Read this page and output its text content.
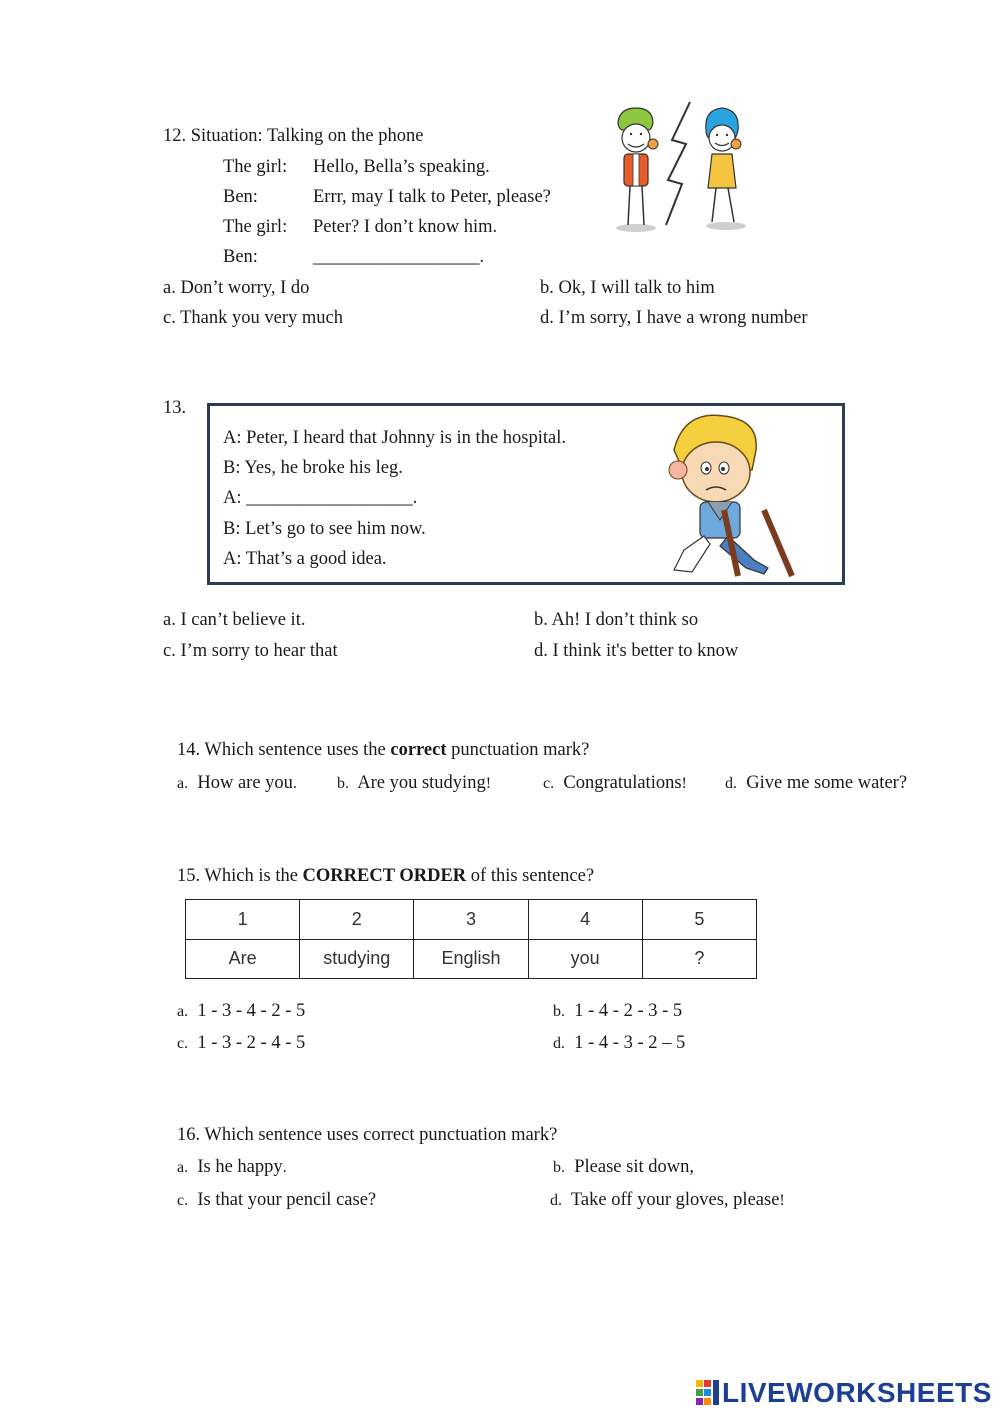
12. Situation: Talking on the phone
The girl: Hello, Bella’s speaking.
Ben:	Errr, may I talk to Peter, please?
The girl: Peter? I don’t know him.
Ben:	__________________.
a. Don’t worry, I do	b. Ok, I will talk to him
c. Thank you very much	d. I’m sorry, I have a wrong number
13.
A: Peter, I heard that Johnny is in the hospital.
B: Yes, he broke his leg.
A: __________________.
B: Let’s go to see him now.
A: That’s a good idea.
a. I can’t believe it.	b. Ah! I don’t think so
c. I’m sorry to hear that	d. I think it's better to know
14. Which sentence uses the correct punctuation mark?
a. How are you.	b. Are you studying!	c. Congratulations! d. Give me some water?
15. Which is the CORRECT ORDER of this sentence?
1	2	3	4	5
Are	studying	English	you	?
a. 1 - 3 - 4 - 2 - 5	b. 1 - 4 - 2 - 3 - 5
c. 1 - 3 - 2 - 4 - 5	d. 1 - 4 - 3 - 2 – 5
16. Which sentence uses correct punctuation mark?
a. Is he happy.	b. Please sit down,
c. Is that your pencil case?	d. Take off your gloves, please!
LIVEWORKSHEETS
